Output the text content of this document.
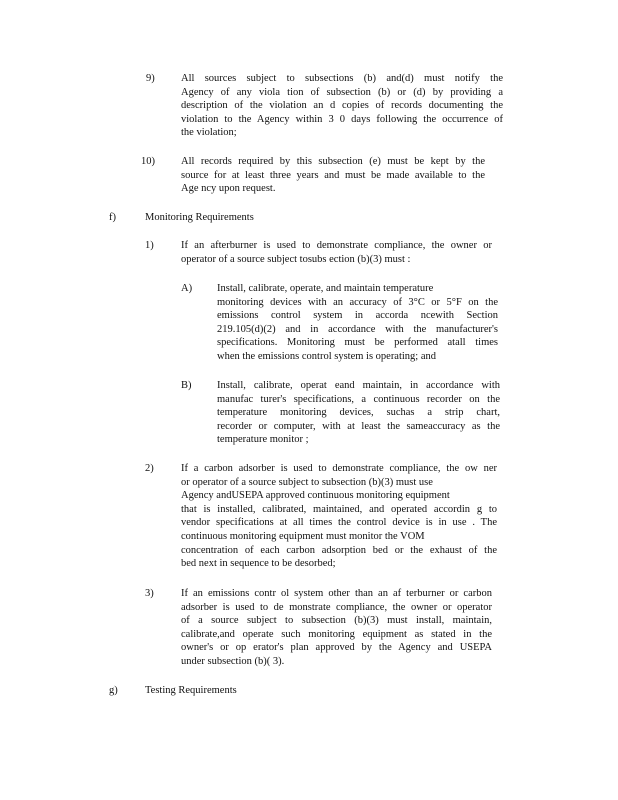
9)	All sources subject to subsections (b) and(d) must notify the
Agency of any viola tion of subsection (b) or (d) by providing a
description of the violation an d copies of records documenting the
violation to the Agency within 3 0 days following the occurrence of
the violation;
10) All records required by this subsection (e) must be kept by the
source for at least three years and must be made available to the
Age ncy upon request.
f)	Monitoring Requirements
1)	If an afterburner is used to demonstrate compliance, the owner or
operator of a source subject tosubs ection (b)(3) must :
A) Install, calibrate, operate, and maintain temperature
monitoring devices with an accuracy of 3°C or 5°F on the
emissions control system in accorda ncewith Section
219.105(d)(2) and in accordance with the manufacturer's
specifications. Monitoring must be performed atall times
when the emissions control system is operating; and
B) Install, calibrate, operat eand maintain, in accordance with
manufac turer's specifications, a continuous recorder on the
temperature monitoring devices, suchas a strip chart,
recorder or computer, with at least the sameaccuracy as the
temperature monitor ;
2)	If a carbon adsorber is used to demonstrate compliance, the ow ner
or operator of a source subject to subsection (b)(3) must use
Agency andUSEPA approved continuous monitoring equipment
that is installed, calibrated, maintained, and operated accordin g to
vendor specifications at all times the control device is in use . The
continuous monitoring equipment must monitor the VOM
concentration of each carbon adsorption bed or the exhaust of the
bed next in sequence to be desorbed;
3)	If an emissions contr ol system other than an af terburner or carbon
adsorber is used to de monstrate compliance, the owner or operator
of a source subject to subsection (b)(3) must install, maintain,
calibrate,and operate such monitoring equipment as stated in the
owner's or op erator's plan approved by the Agency and USEPA
under subsection (b)( 3).
g)	Testing Requirements
